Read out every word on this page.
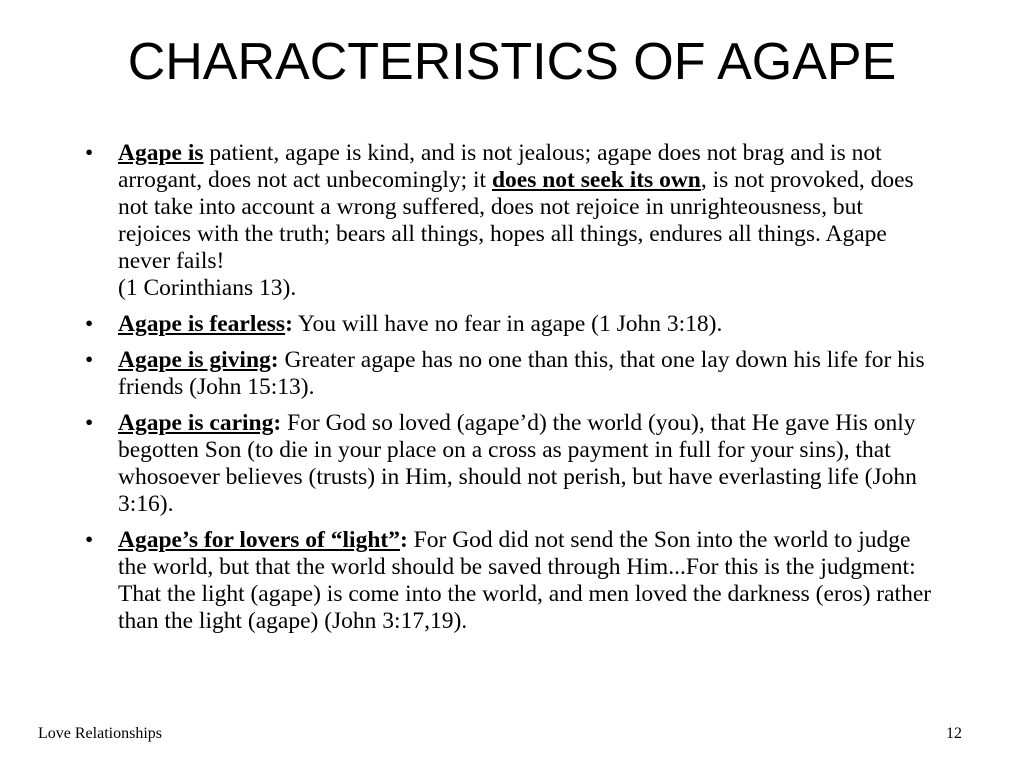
CHARACTERISTICS OF AGAPE
• Agape is patient, agape is kind, and is not jealous; agape does not brag and is not arrogant, does not act unbecomingly; it does not seek its own, is not provoked, does not take into account a wrong suffered, does not rejoice in unrighteousness, but rejoices with the truth; bears all things, hopes all things, endures all things. Agape never fails!
(1 Corinthians 13).
• Agape is fearless: You will have no fear in agape (1 John 3:18).
• Agape is giving: Greater agape has no one than this, that one lay down his life for his friends (John 15:13).
• Agape is caring: For God so loved (agape’d) the world (you), that He gave His only begotten Son (to die in your place on a cross as payment in full for your sins), that whosoever believes (trusts) in Him, should not perish, but have everlasting life (John 3:16).
• Agape’s for lovers of “light”: For God did not send the Son into the world to judge the world, but that the world should be saved through Him...For this is the judgment: That the light (agape) is come into the world, and men loved the darkness (eros) rather than the light (agape) (John 3:17,19).
Love Relationships	12
